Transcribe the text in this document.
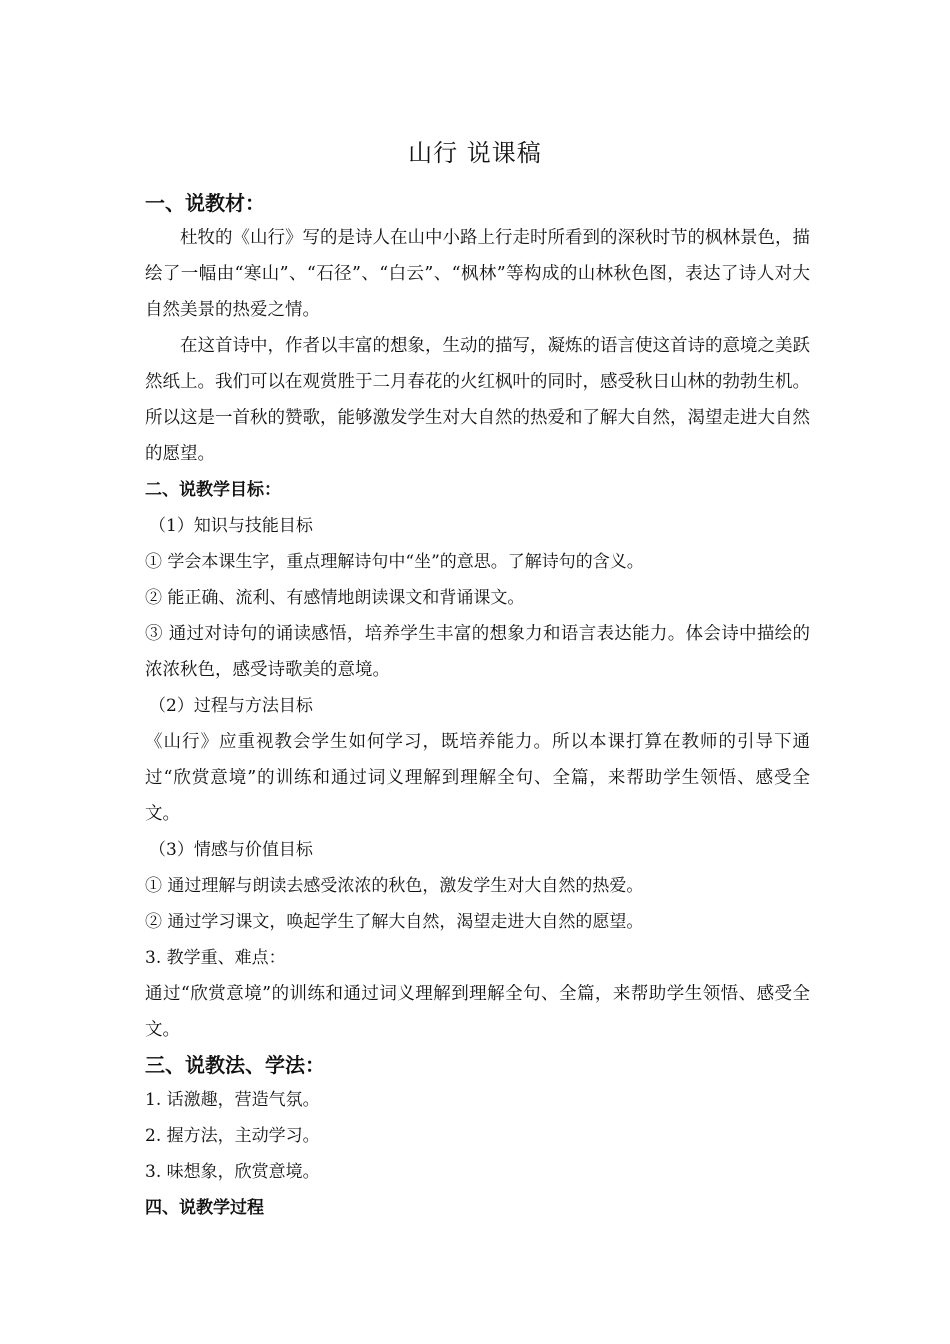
山行 说课稿
一、说教材：

杜牧的《山行》写的是诗人在山中小路上行走时所看到的深秋时节的枫林景色，描绘了一幅由“寒山”、“石径”、“白云”、“枫林”等构成的山林秋色图，表达了诗人对大自然美景的热爱之情。

在这首诗中，作者以丰富的想象，生动的描写，凝炼的语言使这首诗的意境之美跃然纸上。我们可以在观赏胜于二月春花的火红枫叶的同时，感受秋日山林的勃勃生机。所以这是一首秋的赞歌，能够激发学生对大自然的热爱和了解大自然，渴望走进大自然的愿望。

二、说教学目标：
（1）知识与技能目标
① 学会本课生字，重点理解诗句中“坐”的意思。了解诗句的含义。
② 能正确、流利、有感情地朗读课文和背诵课文。
③ 通过对诗句的诵读感悟，培养学生丰富的想象力和语言表达能力。体会诗中描绘的浓浓秋色，感受诗歌美的意境。
（2）过程与方法目标
《山行》应重视教会学生如何学习，既培养能力。所以本课打算在教师的引导下通过“欣赏意境”的训练和通过词义理解到理解全句、全篇，来帮助学生领悟、感受全文。
（3）情感与价值目标
① 通过理解与朗读去感受浓浓的秋色，激发学生对大自然的热爱。
② 通过学习课文，唤起学生了解大自然，渴望走进大自然的愿望。
3. 教学重、难点：
通过“欣赏意境”的训练和通过词义理解到理解全句、全篇，来帮助学生领悟、感受全文。
三、说教法、学法：
1. 话激趣，营造气氛。
2. 握方法，主动学习。
3. 味想象，欣赏意境。
四、说教学过程
